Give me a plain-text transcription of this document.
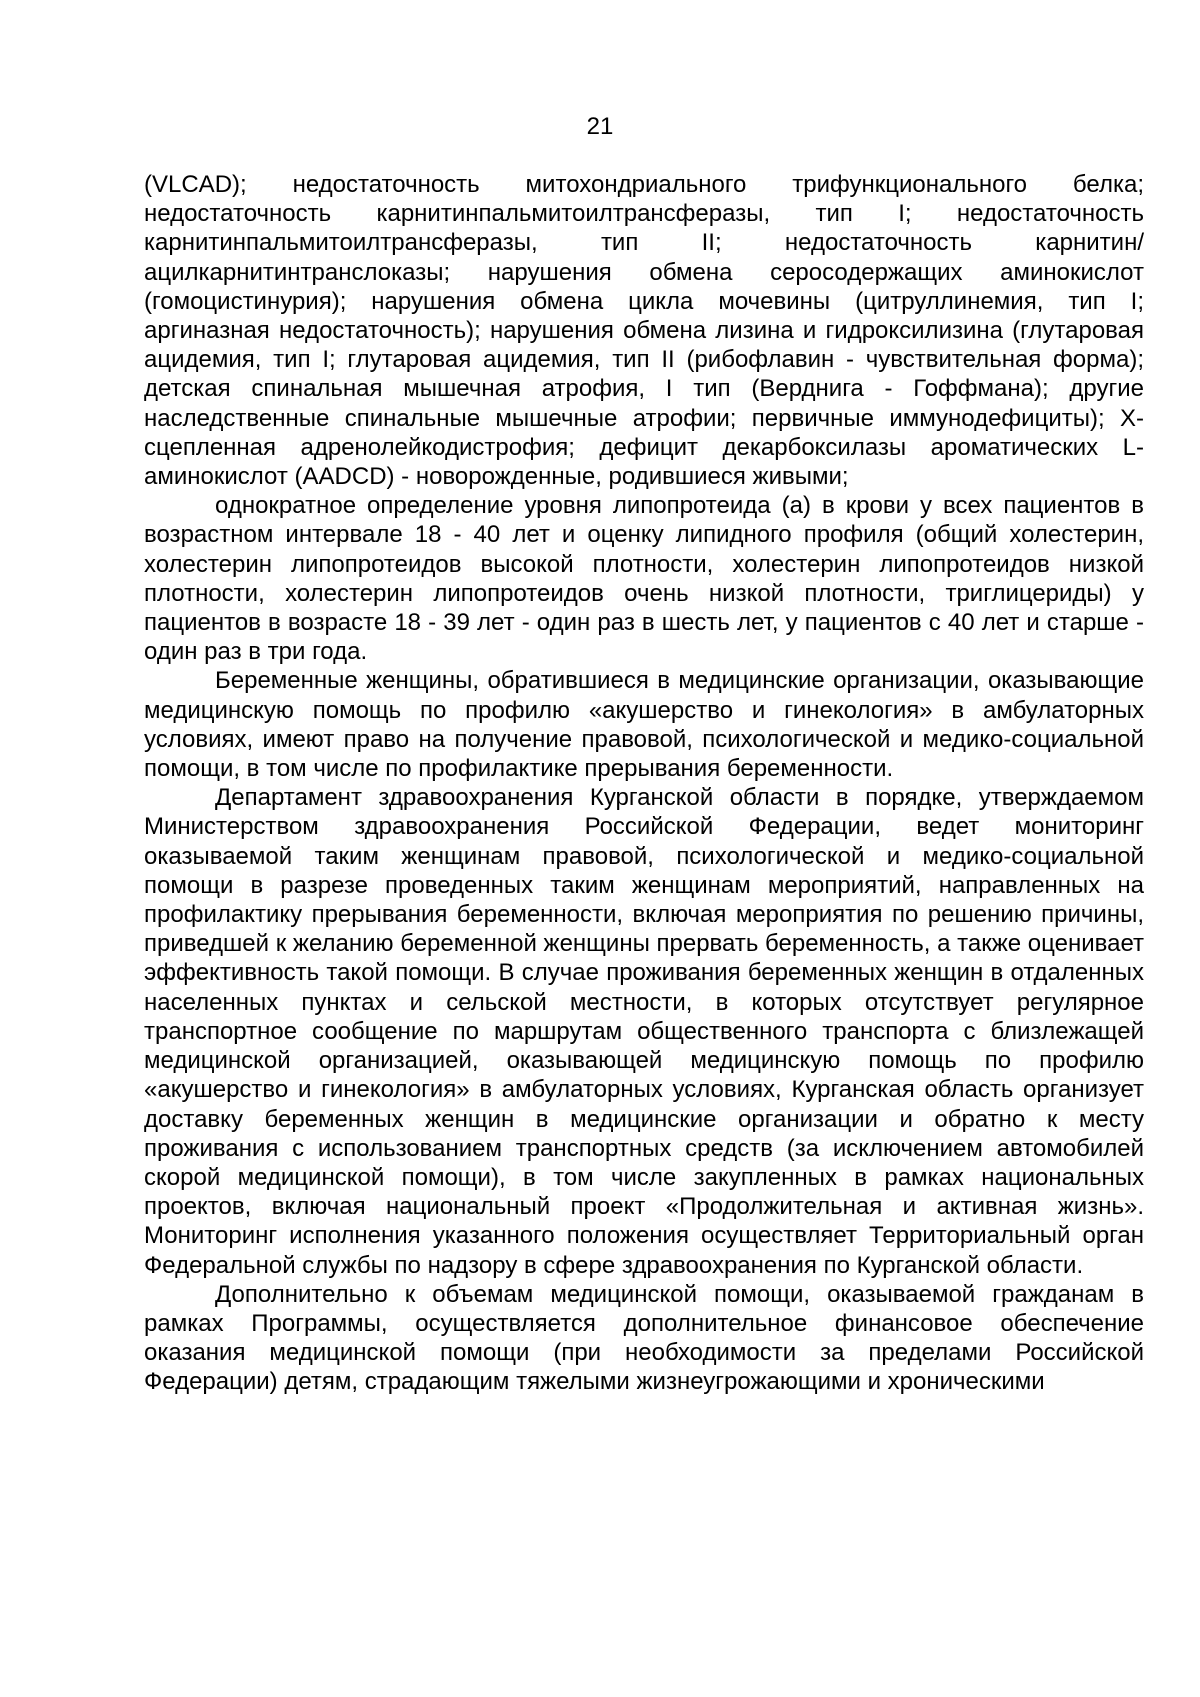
21

(VLCAD); недостаточность митохондриального трифункционального белка; недостаточность карнитинпальмитоилтрансферазы, тип I; недостаточность карнитинпальмитоилтрансферазы, тип II; недостаточность карнитин/ацилкарнитинтранслоказы; нарушения обмена серосодержащих аминокислот (гомоцистинурия); нарушения обмена цикла мочевины (цитруллинемия, тип I; аргиназная недостаточность); нарушения обмена лизина и гидроксилизина (глутаровая ацидемия, тип I; глутаровая ацидемия, тип II (рибофлавин - чувствительная форма); детская спинальная мышечная атрофия, I тип (Верднига - Гоффмана); другие наследственные спинальные мышечные атрофии; первичные иммунодефициты); Х-сцепленная адренолейкодистрофия; дефицит декарбоксилазы ароматических L-аминокислот (AADCD) - новорожденные, родившиеся живыми;

однократное определение уровня липопротеида (а) в крови у всех пациентов в возрастном интервале 18 - 40 лет и оценку липидного профиля (общий холестерин, холестерин липопротеидов высокой плотности, холестерин липопротеидов низкой плотности, холестерин липопротеидов очень низкой плотности, триглицериды) у пациентов в возрасте 18 - 39 лет - один раз в шесть лет, у пациентов с 40 лет и старше - один раз в три года.

Беременные женщины, обратившиеся в медицинские организации, оказывающие медицинскую помощь по профилю «акушерство и гинекология» в амбулаторных условиях, имеют право на получение правовой, психологической и медико-социальной помощи, в том числе по профилактике прерывания беременности.

Департамент здравоохранения Курганской области в порядке, утверждаемом Министерством здравоохранения Российской Федерации, ведет мониторинг оказываемой таким женщинам правовой, психологической и медико-социальной помощи в разрезе проведенных таким женщинам мероприятий, направленных на профилактику прерывания беременности, включая мероприятия по решению причины, приведшей к желанию беременной женщины прервать беременность, а также оценивает эффективность такой помощи. В случае проживания беременных женщин в отдаленных населенных пунктах и сельской местности, в которых отсутствует регулярное транспортное сообщение по маршрутам общественного транспорта с близлежащей медицинской организацией, оказывающей медицинскую помощь по профилю «акушерство и гинекология» в амбулаторных условиях, Курганская область организует доставку беременных женщин в медицинские организации и обратно к месту проживания с использованием транспортных средств (за исключением автомобилей скорой медицинской помощи), в том числе закупленных в рамках национальных проектов, включая национальный проект «Продолжительная и активная жизнь». Мониторинг исполнения указанного положения осуществляет Территориальный орган Федеральной службы по надзору в сфере здравоохранения по Курганской области.

Дополнительно к объемам медицинской помощи, оказываемой гражданам в рамках Программы, осуществляется дополнительное финансовое обеспечение оказания медицинской помощи (при необходимости за пределами Российской Федерации) детям, страдающим тяжелыми жизнеугрожающими и хроническими
